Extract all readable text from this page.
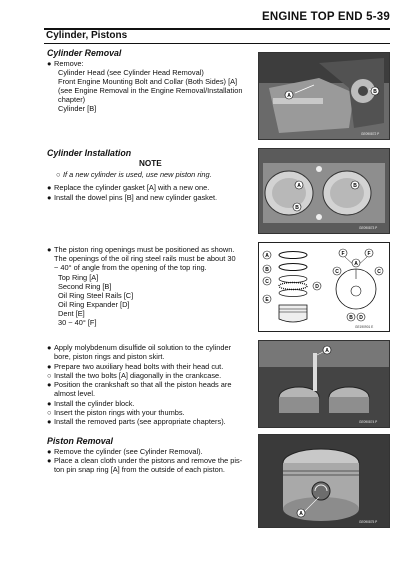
ENGINE TOP END 5-39
Cylinder, Pistons
Cylinder Removal
● Remove:
Cylinder Head (see Cylinder Head Removal)
Front Engine Mounting Bolt and Collar (Both Sides) [A]
(see Engine Removal in the Engine Removal/Installation
chapter)
Cylinder [B]
A
B
GE090872 P
Cylinder Installation
NOTE
○ If a new cylinder is used, use new piston ring.
● Replace the cylinder gasket [A] with a new one.
● Install the dowel pins [B] and new cylinder gasket.
A	B
B
GE090873 P
● The piston ring openings must be positioned as shown.
The openings of the oil ring steel rails must be about 30
~ 40° of angle from the opening of the top ring.
Top Ring [A]
Second Ring [B]
Oil Ring Steel Rails [C]
Oil Ring Expander [D]
Dent [E]
30 ~ 40° [F]
A
B
C
D
E
F	F
A
C	C
B D
GE190901 E
● Apply molybdenum disulfide oil solution to the cylinder
bore, piston rings and piston skirt.
● Prepare two auxiliary head bolts with their head cut.
○ Install the two bolts [A] diagonally in the crankcase.
● Position the crankshaft so that all the piston heads are
almost level.
● Install the cylinder block.
○ Insert the piston rings with your thumbs.
● Install the removed parts (see appropriate chapters).
A
GE090874 P
Piston Removal
● Remove the cylinder (see Cylinder Removal).
● Place a clean cloth under the pistons and remove the pis-
ton pin snap ring [A] from the outside of each piston.
A
GE090875 P
